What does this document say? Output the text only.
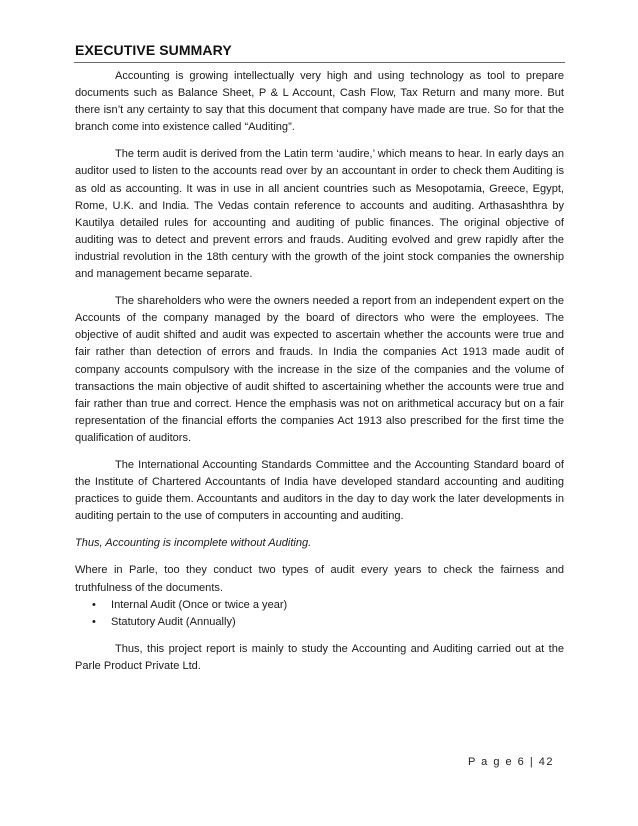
EXECUTIVE SUMMARY

Accounting is growing intellectually very high and using technology as tool to prepare documents such as Balance Sheet, P & L Account, Cash Flow, Tax Return and many more. But there isn’t any certainty to say that this document that company have made are true. So for that the branch come into existence called “Auditing”.

The term audit is derived from the Latin term ‘audire,’ which means to hear. In early days an auditor used to listen to the accounts read over by an accountant in order to check them Auditing is as old as accounting. It was in use in all ancient countries such as Mesopotamia, Greece, Egypt, Rome, U.K. and India. The Vedas contain reference to accounts and auditing. Arthasashthra by Kautilya detailed rules for accounting and auditing of public finances. The original objective of auditing was to detect and prevent errors and frauds. Auditing evolved and grew rapidly after the industrial revolution in the 18th century with the growth of the joint stock companies the ownership and management became separate.

The shareholders who were the owners needed a report from an independent expert on the Accounts of the company managed by the board of directors who were the employees. The objective of audit shifted and audit was expected to ascertain whether the accounts were true and fair rather than detection of errors and frauds. In India the companies Act 1913 made audit of company accounts compulsory with the increase in the size of the companies and the volume of transactions the main objective of audit shifted to ascertaining whether the accounts were true and fair rather than true and correct. Hence the emphasis was not on arithmetical accuracy but on a fair representation of the financial efforts the companies Act 1913 also prescribed for the first time the qualification of auditors.

The International Accounting Standards Committee and the Accounting Standard board of the Institute of Chartered Accountants of India have developed standard accounting and auditing practices to guide them. Accountants and auditors in the day to day work the later developments in auditing pertain to the use of computers in accounting and auditing.

Thus, Accounting is incomplete without Auditing.

Where in Parle, too they conduct two types of audit every years to check the fairness and truthfulness of the documents.

• Internal Audit (Once or twice a year)
• Statutory Audit (Annually)

Thus, this project report is mainly to study the Accounting and Auditing carried out at the Parle Product Private Ltd.

P a g e 6 | 42
